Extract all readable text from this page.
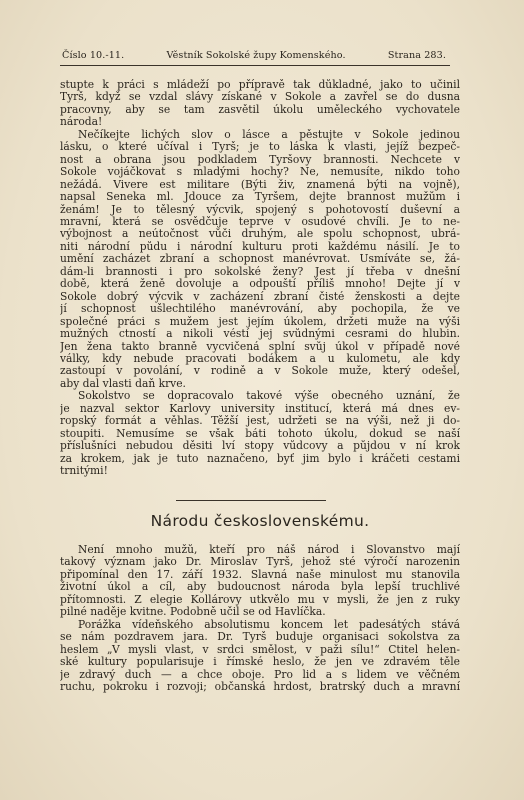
Číslo 10.-11.	Věstník Sokolské župy Komenského.	Strana 283.
stupte k práci s mládeží po přípravě tak důkladné, jako to učinil
Tyrš, když se vzdal slávy získané v Sokole a zavřel se do dusna
pracovny, aby se tam zasvětil úkolu uměleckého vychovatele
národa!
Nečíkejte lichých slov o lásce a pěstujte v Sokole jedinou
lásku, o které učíval i Tyrš; je to láska k vlasti, jejíž bezpeč-
nost a obrana jsou podkladem Tyršovy brannosti. Nechcete v
Sokole vojáčkovat s mladými hochy? Ne, nemusíte, nikdo toho
nežádá. Vivere est militare (Býti živ, znamená býti na vojně),
napsal Seneka ml. Jdouce za Tyršem, dejte brannost mužům i
ženám! Je to tělesný výcvik, spojený s pohotovostí duševní a
mravní, která se osvědčuje teprve v osudové chvíli. Je to ne-
výbojnost a neútočnost vůči druhým, ale spolu schopnost, ubrá-
niti národní půdu i národní kulturu proti každému násilí. Je to
umění zacházet zbraní a schopnost manévrovat. Usmíváte se, žá-
dám-li brannosti i pro sokolské ženy? Jest jí třeba v dnešní
době, která ženě dovoluje a odpouští příliš mnoho! Dejte jí v
Sokole dobrý výcvik v zacházení zbraní čisté ženskosti a dejte
jí schopnost ušlechtilého manévrování, aby pochopila, že ve
společné práci s mužem jest jejím úkolem, držeti muže na výši
mužných ctností a nikoli véstí jej svůdnými cesrami do hlubin.
Jen žena takto branně vycvičená splní svůj úkol v případě nové
války, kdy nebude pracovati bodákem a u kulometu, ale kdy
zastoupí v povolání, v rodině a v Sokole muže, který odešel,
aby dal vlasti daň krve.
Sokolstvo se dopracovalo takové výše obecného uznání, že
je nazval sektor Karlovy university institucí, která má dnes ev-
ropský formát a věhlas. Těžší jest, udržeti se na výši, než ji do-
stoupiti. Nemusíme se však báti tohoto úkolu, dokud se naší
příslušníci nebudou děsiti lví stopy vůdcovy a půjdou v ní krok
za krokem, jak je tuto naznačeno, byť jim bylo i kráčeti cestami
trnitými!
Národu československému.
Není mnoho mužů, kteří pro náš národ i Slovanstvo mají
takový význam jako Dr. Miroslav Tyrš, jehož sté výročí narozenin
připomínal den 17. září 1932. Slavná naše minulost mu stanovila
životní úkol a cíl, aby budoucnost národa byla lepší truchlivé
přítomnosti. Z elegie Kollárovy utkvělo mu v mysli, že jen z ruky
pilné naděje kvitne. Podobně učil se od Havlíčka.
Porážka vídeňského absolutismu koncem let padesátých stává
se nám pozdravem jara. Dr. Tyrš buduje organisaci sokolstva za
heslem „V mysli vlast, v srdci smělost, v paži sílu!“ Ctitel helen-
ské kultury popularisuje i římské heslo, že jen ve zdravém těle
je zdravý duch — a chce oboje. Pro lid a s lidem ve věčném
ruchu, pokroku i rozvoji; občanská hrdost, bratrský duch a mravní
